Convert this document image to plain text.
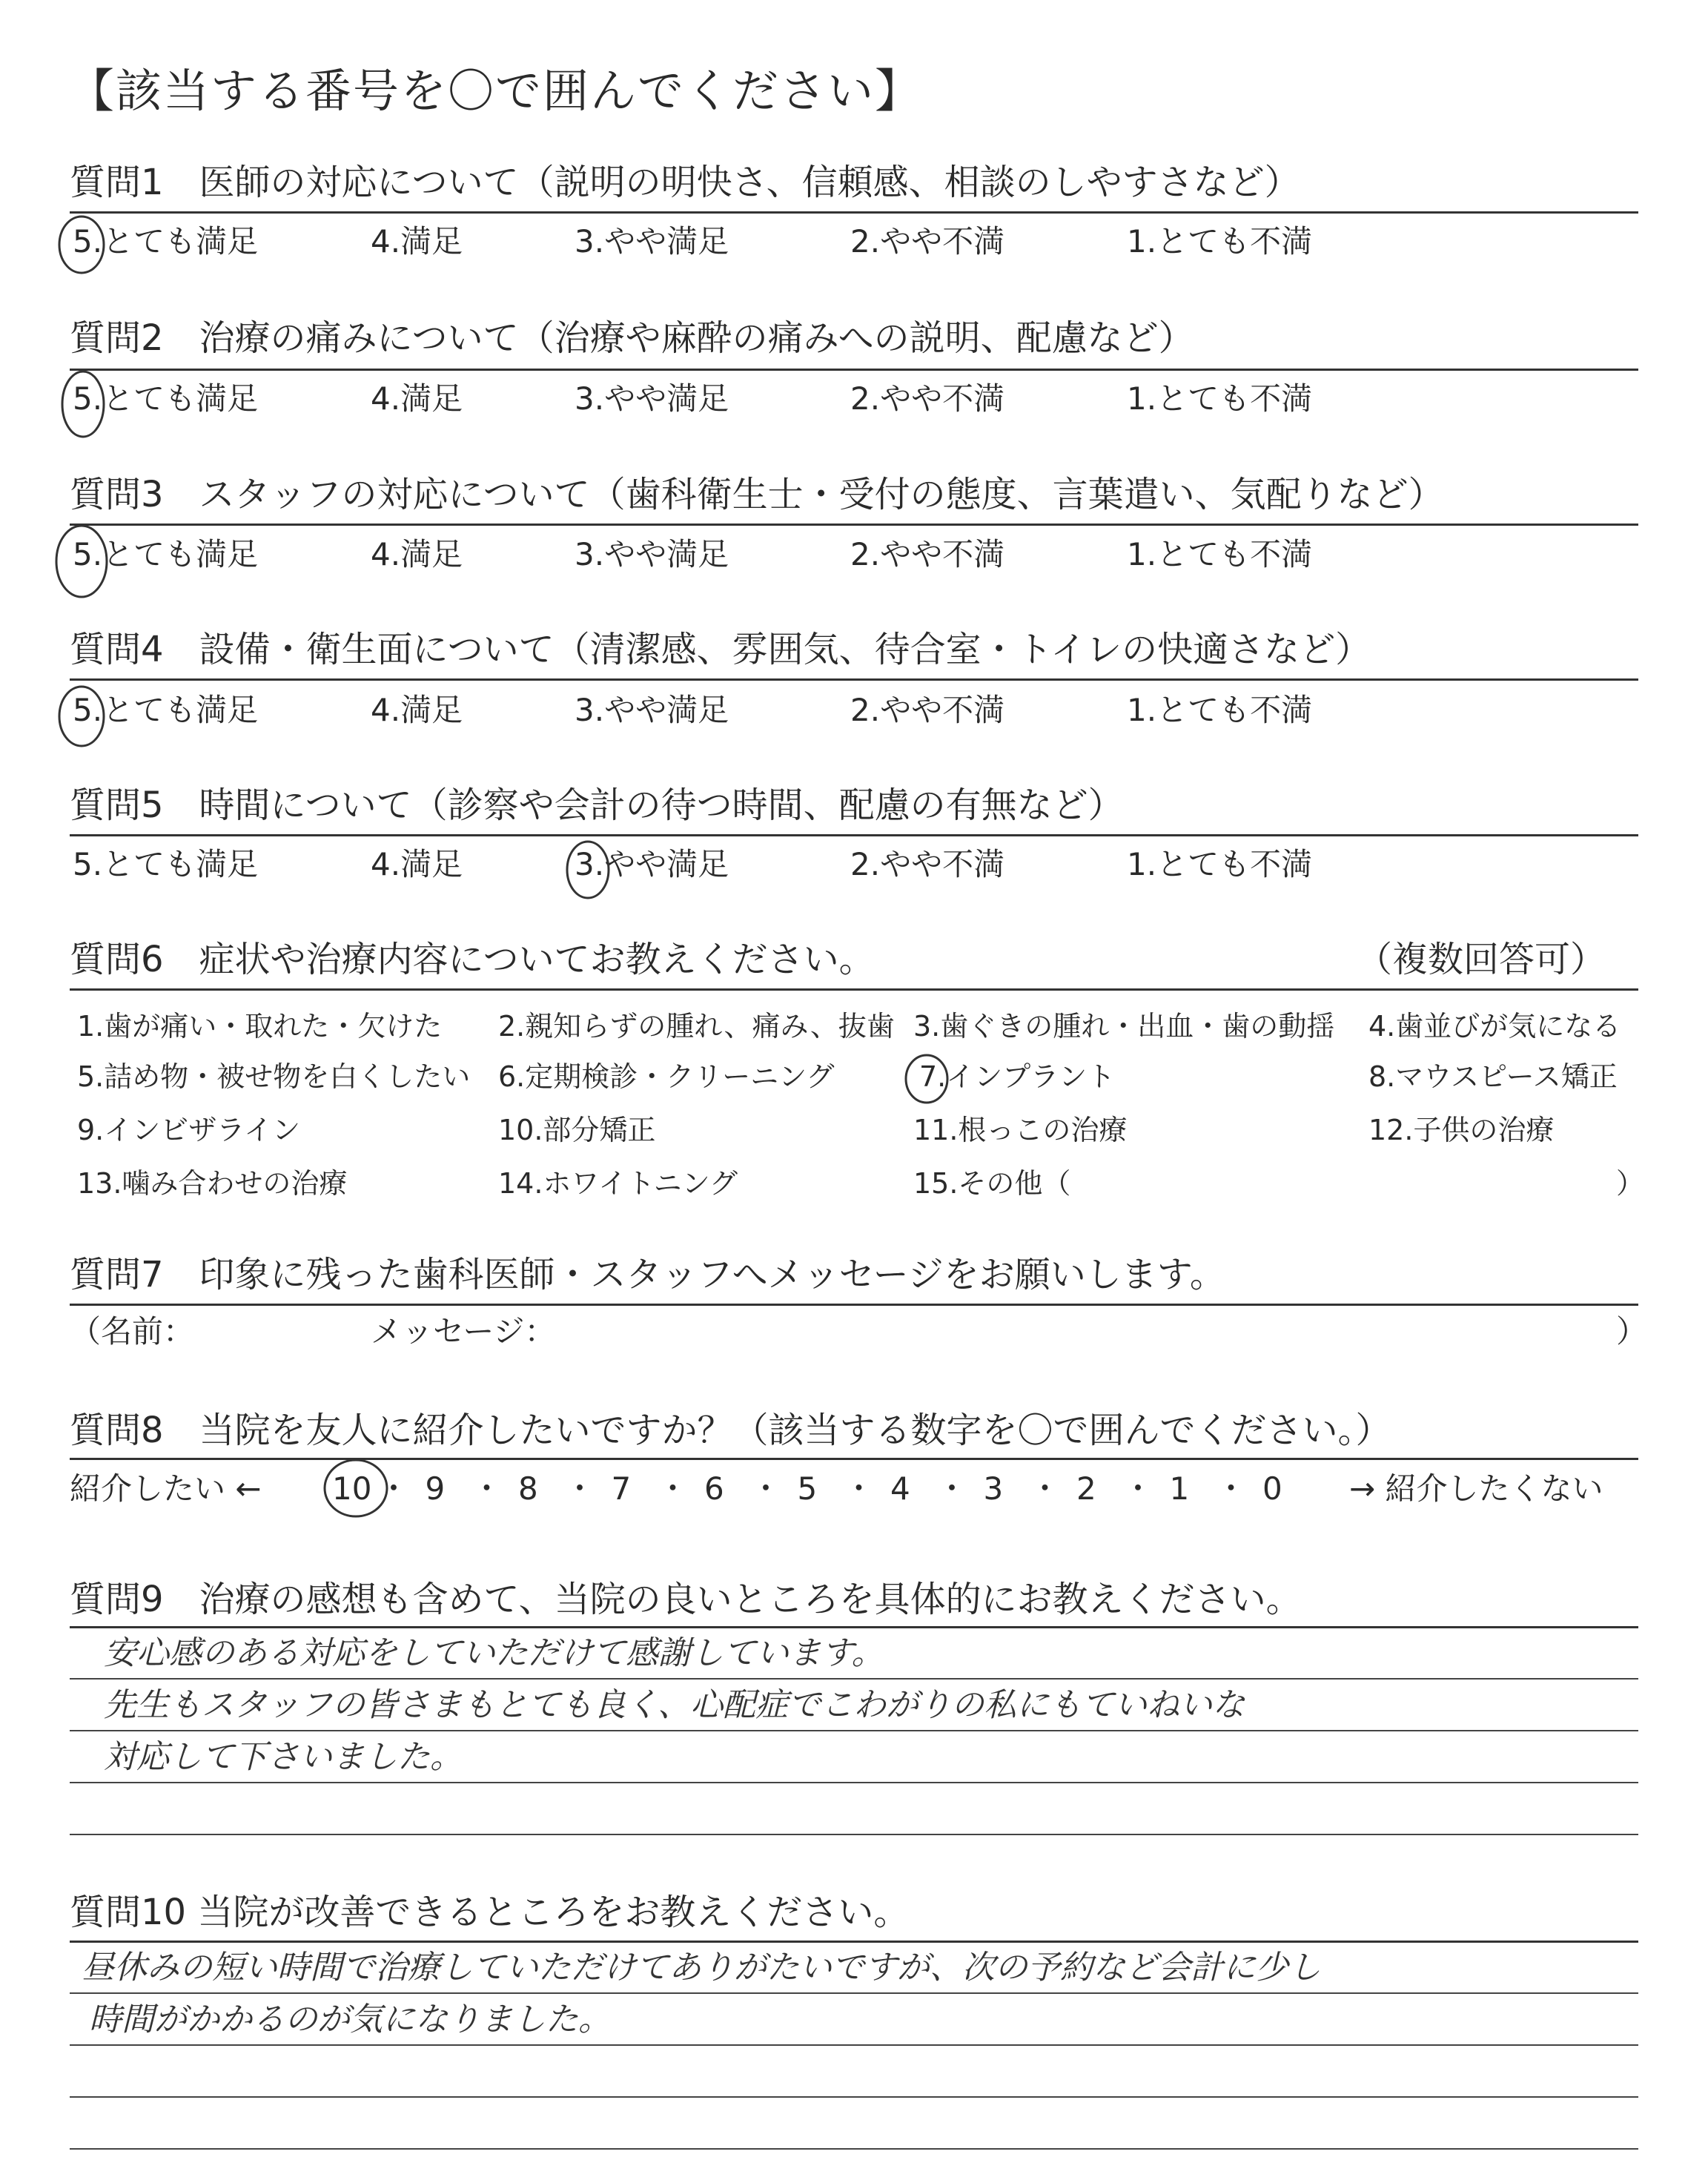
【該当する番号を〇で囲んでください】
質問1　医師の対応について（説明の明快さ、信頼感、相談のしやすさなど）
5.とても満足	4.満足	3.やや満足	2.やや不満	1.とても不満
質問2　治療の痛みについて（治療や麻酔の痛みへの説明、配慮など）
5.とても満足	4.満足	3.やや満足	2.やや不満	1.とても不満
質問3　スタッフの対応について（歯科衛生士・受付の態度、言葉遣い、気配りなど）
5.とても満足	4.満足	3.やや満足	2.やや不満	1.とても不満
質問4　設備・衛生面について（清潔感、雰囲気、待合室・トイレの快適さなど）
5.とても満足	4.満足	3.やや満足	2.やや不満	1.とても不満
質問5　時間について（診察や会計の待つ時間、配慮の有無など）
5.とても満足	4.満足	3.やや満足	2.やや不満	1.とても不満
質問6　症状や治療内容についてお教えください。	（複数回答可）
1.歯が痛い・取れた・欠けた 2.親知らずの腫れ、痛み、抜歯 3.歯ぐきの腫れ・出血・歯の動揺 4.歯並びが気になる
5.詰め物・被せ物を白くしたい 6.定期検診・クリーニング	7.インプラント	8.マウスピース矯正
9.インビザライン	10.部分矯正	11.根っこの治療	12.子供の治療
13.噛み合わせの治療	14.ホワイトニング	15.その他（	）
質問7　印象に残った歯科医師・スタッフへメッセージをお願いします。
（名前：	メッセージ：	）
質問8　当院を友人に紹介したいですか？（該当する数字を〇で囲んでください。）
紹介したい ← 10 ・ 9 ・ 8 ・ 7 ・ 6 ・ 5 ・ 4 ・ 3 ・ 2 ・ 1 ・ 0 → 紹介したくない
質問9　治療の感想も含めて、当院の良いところを具体的にお教えください。
安心感のある対応をしていただけて感謝しています。
先生もスタッフの皆さまもとても良く、心配症でこわがりの私にもていねいな
対応して下さいました。
質問10 当院が改善できるところをお教えください。
昼休みの短い時間で治療していただけてありがたいですが、次の予約など会計に少し
時間がかかるのが気になりました。
